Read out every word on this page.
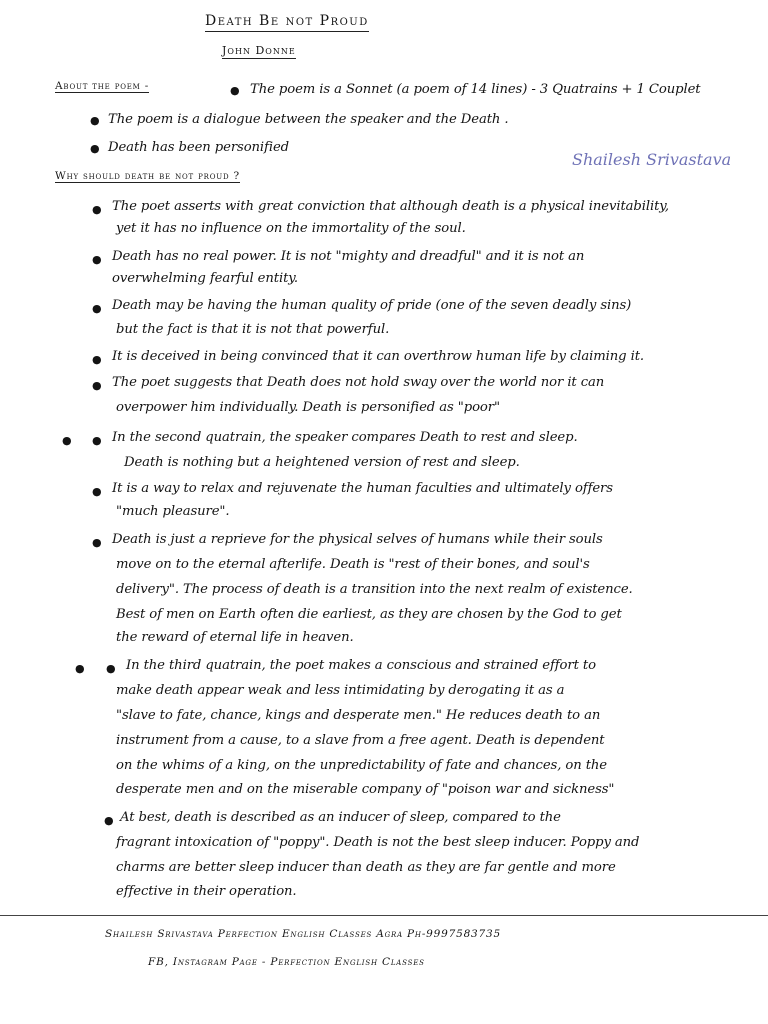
Death Be not Proud
John Donne
About the poem -	● The poem is a Sonnet (a poem of 14 lines) - 3 Quatrains + 1 Couplet
● The poem is a dialogue between the speaker and the Death .
● Death has been personified
Shailesh Srivastava
Why should death be not proud ?
● The poet asserts with great conviction that although death is a physical inevitability,
yet it has no influence on the immortality of the soul.
● Death has no real power. It is not "mighty and dreadful" and it is not an
overwhelming fearful entity.
● Death may be having the human quality of pride (one of the seven deadly sins)
but the fact is that it is not that powerful.
● It is deceived in being convinced that it can overthrow human life by claiming it.
● The poet suggests that Death does not hold sway over the world nor it can
overpower him individually. Death is personified as "poor"
● ● In the second quatrain, the speaker compares Death to rest and sleep.
Death is nothing but a heightened version of rest and sleep.
● It is a way to relax and rejuvenate the human faculties and ultimately offers
"much pleasure".
● Death is just a reprieve for the physical selves of humans while their souls
move on to the eternal afterlife. Death is "rest of their bones, and soul's
delivery". The process of death is a transition into the next realm of existence.
Best of men on Earth often die earliest, as they are chosen by the God to get
the reward of eternal life in heaven.
● ● In the third quatrain, the poet makes a conscious and strained effort to
make death appear weak and less intimidating by derogating it as a
"slave to fate, chance, kings and desperate men." He reduces death to an
instrument from a cause, to a slave from a free agent. Death is dependent
on the whims of a king, on the unpredictability of fate and chances, on the
desperate men and on the miserable company of "poison war and sickness"
● At best, death is described as an inducer of sleep, compared to the
fragrant intoxication of "poppy". Death is not the best sleep inducer. Poppy and
charms are better sleep inducer than death as they are far gentle and more
effective in their operation.
Shailesh Srivastava Perfection English Classes Agra Ph-9997583735
FB, Instagram Page - Perfection English Classes
